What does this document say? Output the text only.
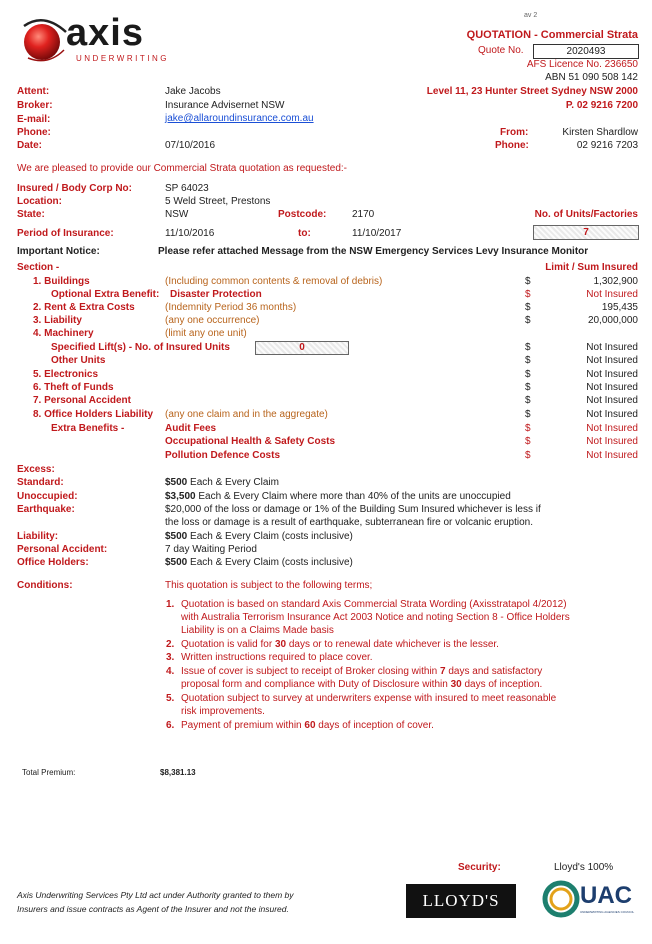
axis
UNDERWRITING
av 2
QUOTATION - Commercial Strata
Quote No.	2020493
AFS Licence No. 236650
ABN 51 090 508 142
Level 11, 23 Hunter Street Sydney NSW 2000
P. 02 9216 7200
Attent:	Jake Jacobs
Broker:	Insurance Advisernet NSW
E-mail:	jake@allaroundinsurance.com.au
Phone:
Date:	07/10/2016
From:	Kirsten Shardlow
Phone:	02 9216 7203
We are pleased to provide our Commercial Strata quotation as requested:-
Insured / Body Corp No:	SP 64023
Location:	5 Weld Street, Prestons
State:	NSW	Postcode:	2170	No. of Units/Factories
7
Period of Insurance:	11/10/2016	to:	11/10/2017
Important Notice:	Please refer attached Message from the NSW Emergency Services Levy Insurance Monitor
Section -	Limit / Sum Insured
1. Buildings	(Including common contents & removal of debris)	$	1,302,900
Optional Extra Benefit: Disaster Protection	$	Not Insured
2. Rent & Extra Costs	(Indemnity Period 36 months)	$	195,435
3. Liability	(any one occurrence)	$	20,000,000
4. Machinery	(limit any one unit)
Specified Lift(s) - No. of Insured Units	0	$	Not Insured
Other Units	$	Not Insured
5. Electronics	$	Not Insured
6. Theft of Funds	$	Not Insured
7. Personal Accident	$	Not Insured
8. Office Holders Liability (any one claim and in the aggregate)	$	Not Insured
Extra Benefits -	Audit Fees	$	Not Insured
Occupational Health & Safety Costs	$	Not Insured
Pollution Defence Costs	$	Not Insured
Excess:
Standard:	$500 Each & Every Claim
Unoccupied:	$3,500 Each & Every Claim where more than 40% of the units are unoccupied
Earthquake:	$20,000 of the loss or damage or 1% of the Building Sum Insured whichever is less if
the loss or damage is a result of earthquake, subterranean fire or volcanic eruption.
Liability:	$500 Each & Every Claim (costs inclusive)
Personal Accident:	7 day Waiting Period
Office Holders:	$500 Each & Every Claim (costs inclusive)
Conditions:	This quotation is subject to the following terms;
1. Quotation is based on standard Axis Commercial Strata Wording (Axisstratapol 4/2012)
with Australia Terrorism Insurance Act 2003 Notice and noting Section 8 - Office Holders
Liability is on a Claims Made basis
2. Quotation is valid for 30 days or to renewal date whichever is the lesser.
3. Written instructions required to place cover.
4. Issue of cover is subject to receipt of Broker closing within 7 days and satisfactory
proposal form and compliance with Duty of Disclosure within 30 days of inception.
5. Quotation subject to survey at underwriters expense with insured to meet reasonable
risk improvements.
6. Payment of premium within 60 days of inception of cover.
Total Premium:	$8,381.13
Security:	Lloyd's 100%
Axis Underwriting Services Pty Ltd act under Authority granted to them by
Insurers and issue contracts as Agent of the Insurer and not the insured.	LLOYD'S	UAC
UNDERWRITING AGENCIES COUNCIL
